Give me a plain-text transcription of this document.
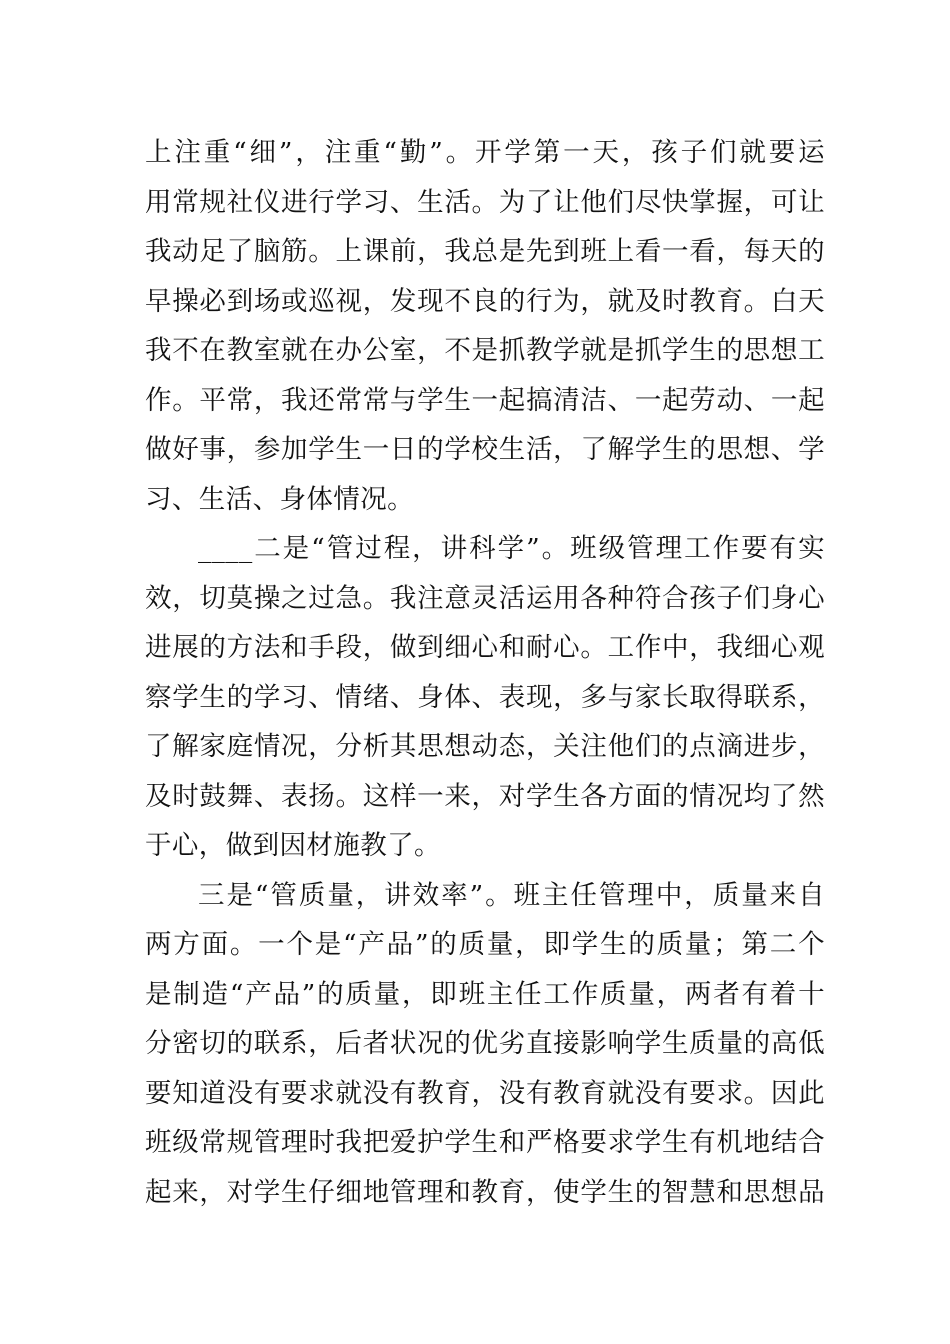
上注重“细”，注重“勤”。开学第一天，孩子们就要运
用常规社仪进行学习、生活。为了让他们尽快掌握，可让
我动足了脑筋。上课前，我总是先到班上看一看，每天的
早操必到场或巡视，发现不良的行为，就及时教育。白天
我不在教室就在办公室，不是抓教学就是抓学生的思想工
作。平常，我还常常与学生一起搞清洁、一起劳动、一起
做好事，参加学生一日的学校生活，了解学生的思想、学
习、生活、身体情况。
____二是“管过程，讲科学”。班级管理工作要有实
效，切莫操之过急。我注意灵活运用各种符合孩子们身心
进展的方法和手段，做到细心和耐心。工作中，我细心观
察学生的学习、情绪、身体、表现，多与家长取得联系，
了解家庭情况，分析其思想动态，关注他们的点滴进步，
及时鼓舞、表扬。这样一来，对学生各方面的情况均了然
于心，做到因材施教了。
三是“管质量，讲效率”。班主任管理中，质量来自
两方面。一个是“产品”的质量，即学生的质量；第二个
是制造“产品”的质量，即班主任工作质量，两者有着十
分密切的联系，后者状况的优劣直接影响学生质量的高低
要知道没有要求就没有教育，没有教育就没有要求。因此
班级常规管理时我把爱护学生和严格要求学生有机地结合
起来，对学生仔细地管理和教育，使学生的智慧和思想品
